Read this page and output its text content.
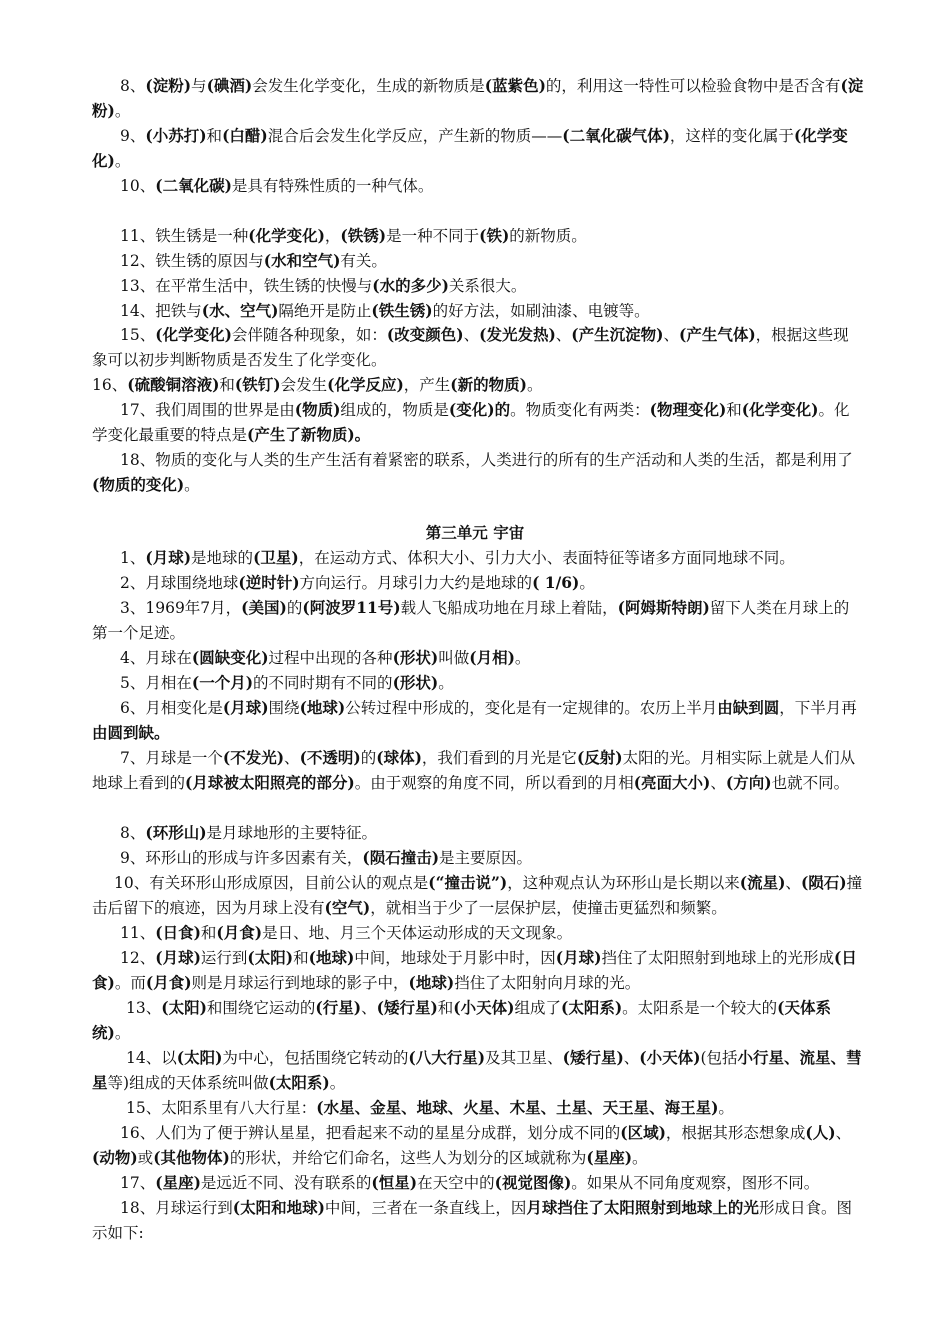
8、(淀粉)与(碘酒)会发生化学变化，生成的新物质是(蓝紫色)的，利用这一特性可以检验食物中是否含有(淀粉)。

9、(小苏打)和(白醋)混合后会发生化学反应，产生新的物质——(二氧化碳气体)，这样的变化属于(化学变化)。

10、(二氧化碳)是具有特殊性质的一种气体。

11、铁生锈是一种(化学变化)，(铁锈)是一种不同于(铁)的新物质。

12、铁生锈的原因与(水和空气)有关。

13、在平常生活中，铁生锈的快慢与(水的多少)关系很大。

14、把铁与(水、空气)隔绝开是防止(铁生锈)的好方法，如刷油漆、电镀等。

15、(化学变化)会伴随各种现象，如：(改变颜色)、(发光发热)、(产生沉淀物)、(产生气体)，根据这些现象可以初步判断物质是否发生了化学变化。

16、(硫酸铜溶液)和(铁钉)会发生(化学反应)，产生(新的物质)。

17、我们周围的世界是由(物质)组成的，物质是(变化)的。物质变化有两类：(物理变化)和(化学变化)。化学变化最重要的特点是(产生了新物质)。

18、物质的变化与人类的生产生活有着紧密的联系，人类进行的所有的生产活动和人类的生活，都是利用了(物质的变化)。

1、(月球)是地球的(卫星)，在运动方式、体积大小、引力大小、表面特征等诸多方面同地球不同。

2、月球围绕地球(逆时针)方向运行。月球引力大约是地球的( 1/6)。

3、1969年7月，(美国)的(阿波罗11号)载人飞船成功地在月球上着陆，(阿姆斯特朗)留下人类在月球上的第一个足迹。

4、月球在(圆缺变化)过程中出现的各种(形状)叫做(月相)。

5、月相在(一个月)的不同时期有不同的(形状)。

6、月相变化是(月球)围绕(地球)公转过程中形成的，变化是有一定规律的。农历上半月由缺到圆，下半月再由圆到缺。

7、月球是一个(不发光)、(不透明)的(球体)，我们看到的月光是它(反射)太阳的光。月相实际上就是人们从地球上看到的(月球被太阳照亮的部分)。由于观察的角度不同，所以看到的月相(亮面大小)、(方向)也就不同。

8、(环形山)是月球地形的主要特征。

9、环形山的形成与许多因素有关，(陨石撞击)是主要原因。

10、有关环形山形成原因，目前公认的观点是(“撞击说”)，这种观点认为环形山是长期以来(流星)、(陨石)撞击后留下的痕迹，因为月球上没有(空气)，就相当于少了一层保护层，使撞击更猛烈和频繁。

11、(日食)和(月食)是日、地、月三个天体运动形成的天文现象。

12、(月球)运行到(太阳)和(地球)中间，地球处于月影中时，因(月球)挡住了太阳照射到地球上的光形成(日食)。而(月食)则是月球运行到地球的影子中，(地球)挡住了太阳射向月球的光。

13、(太阳)和围绕它运动的(行星)、(矮行星)和(小天体)组成了(太阳系)。太阳系是一个较大的(天体系统)。

14、以(太阳)为中心，包括围绕它转动的(八大行星)及其卫星、(矮行星)、(小天体)(包括小行星、流星、彗星等)组成的天体系统叫做(太阳系)。

15、太阳系里有八大行星：(水星、金星、地球、火星、木星、土星、天王星、海王星)。

16、人们为了便于辨认星星，把看起来不动的星星分成群，划分成不同的(区域)，根据其形态想象成(人)、(动物)或(其他物体)的形状，并给它们命名，这些人为划分的区域就称为(星座)。

17、(星座)是远近不同、没有联系的(恒星)在天空中的(视觉图像)。如果从不同角度观察，图形不同。

18、月球运行到(太阳和地球)中间，三者在一条直线上，因月球挡住了太阳照射到地球上的光形成日食。图示如下:

第三单元 宇宙
